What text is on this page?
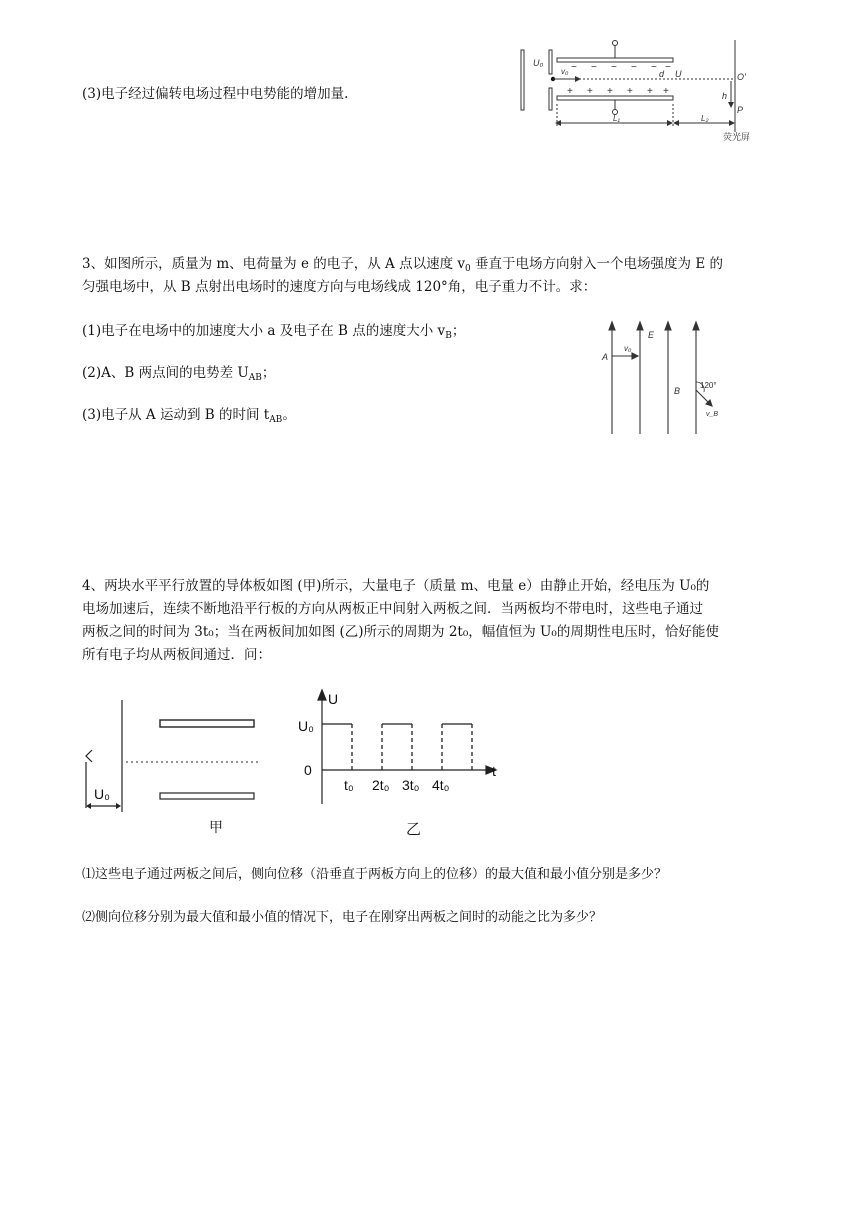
(3)电子经过偏转电场过程中电势能的增加量.
U₀
v₀	d U	O'
h
P
L₁	L₂
荧光屏
− − − − − −
+ + + + + +
3、如图所示，质量为 m、电荷量为 e 的电子，从 A 点以速度 $v_0$ 垂直于电场方向射入一个电场强度为 E 的
匀强电场中，从 B 点射出电场时的速度方向与电场线成 120°角，电子重力不计。求：
(1)电子在电场中的加速度大小 a 及电子在 B 点的速度大小 $v_B$；
(2)A、B 两点间的电势差 $U_{AB}$；
(3)电子从 A 运动到 B 的时间 $t_{AB}$。
A
v₀
E
B
120°
v_B
4、两块水平平行放置的导体板如图 (甲)所示，大量电子（质量 m、电量 e）由静止开始，经电压为 U₀的
电场加速后，连续不断地沿平行板的方向从两板正中间射入两板之间．当两板均不带电时，这些电子通过
两板之间的时间为 3t₀；当在两板间加如图 (乙)所示的周期为 2t₀，幅值恒为 U₀的周期性电压时，恰好能使
所有电子均从两板间通过．问：
U₀
甲
U
U₀
0	t
t₀ 2t₀ 3t₀ 4t₀
乙
⑴这些电子通过两板之间后，侧向位移（沿垂直于两板方向上的位移）的最大值和最小值分别是多少？
⑵侧向位移分别为最大值和最小值的情况下，电子在刚穿出两板之间时的动能之比为多少？
